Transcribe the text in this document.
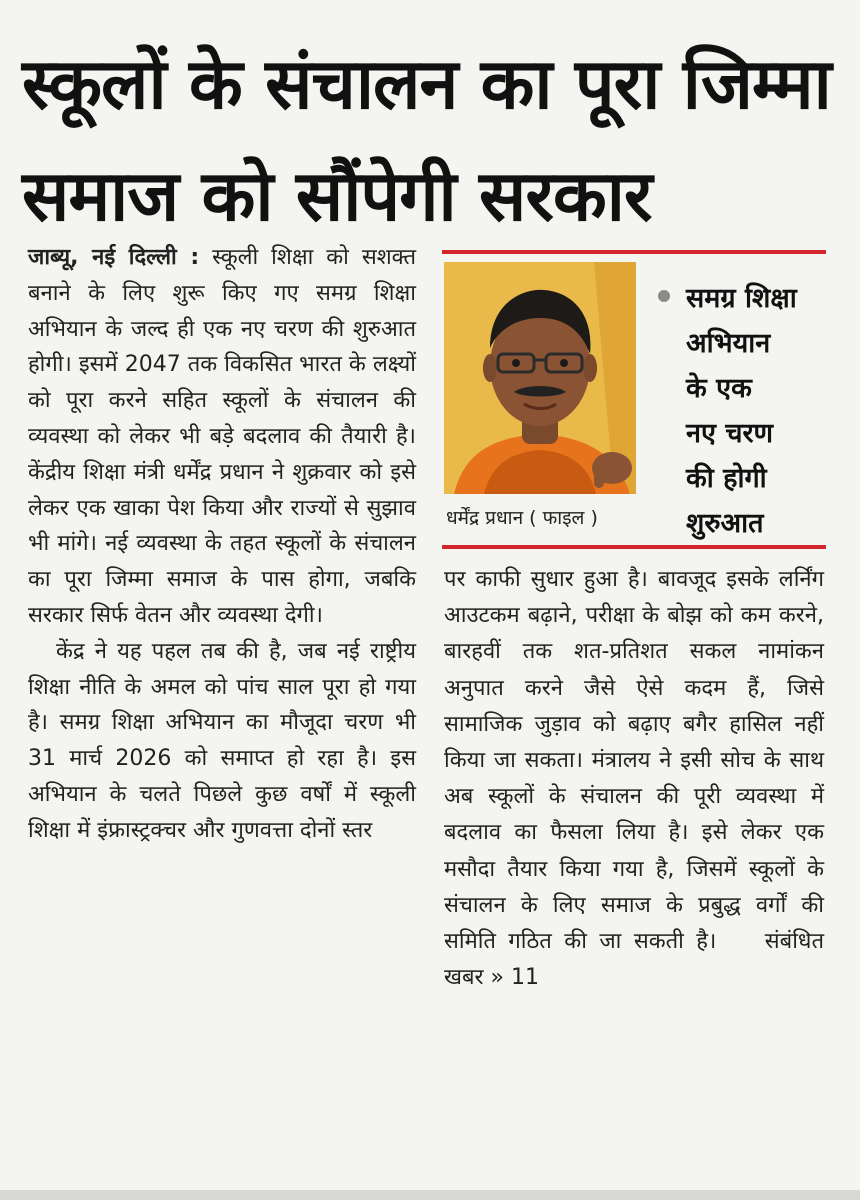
स्कूलों के संचालन का पूरा जिम्मा
समाज को सौंपेगी सरकार

जाब्यू, नई दिल्ली : स्कूली शिक्षा को सशक्त बनाने के लिए शुरू किए गए समग्र शिक्षा अभियान के जल्द ही एक नए चरण की शुरुआत होगी। इसमें 2047 तक विकसित भारत के लक्ष्यों को पूरा करने सहित स्कूलों के संचालन की व्यवस्था को लेकर भी बड़े बदलाव की तैयारी है। केंद्रीय शिक्षा मंत्री धर्मेंद्र प्रधान ने शुक्रवार को इसे लेकर एक खाका पेश किया और राज्यों से सुझाव भी मांगे। नई व्यवस्था के तहत स्कूलों के संचालन का पूरा जिम्मा समाज के पास होगा, जबकि सरकार सिर्फ वेतन और व्यवस्था देगी।

केंद्र ने यह पहल तब की है, जब नई राष्ट्रीय शिक्षा नीति के अमल को पांच साल पूरा हो गया है। समग्र शिक्षा अभियान का मौजूदा चरण भी 31 मार्च 2026 को समाप्त हो रहा है। इस अभियान के चलते पिछले कुछ वर्षों में स्कूली शिक्षा में इंफ्रास्ट्रक्चर और गुणवत्ता दोनों स्तर

धर्मेंद्र प्रधान ( फाइल )
समग्र शिक्षा
अभियान
के एक
नए चरण
की होगी
शुरुआत

पर काफी सुधार हुआ है। बावजूद इसके लर्निंग आउटकम बढ़ाने, परीक्षा के बोझ को कम करने, बारहवीं तक शत-प्रतिशत सकल नामांकन अनुपात करने जैसे ऐसे कदम हैं, जिसे सामाजिक जुड़ाव को बढ़ाए बगैर हासिल नहीं किया जा सकता। मंत्रालय ने इसी सोच के साथ अब स्कूलों के संचालन की पूरी व्यवस्था में बदलाव का फैसला लिया है। इसे लेकर एक मसौदा तैयार किया गया है, जिसमें स्कूलों के संचालन के लिए समाज के प्रबुद्ध वर्गों की समिति गठित की जा सकती है। संबंधित खबर » 11
